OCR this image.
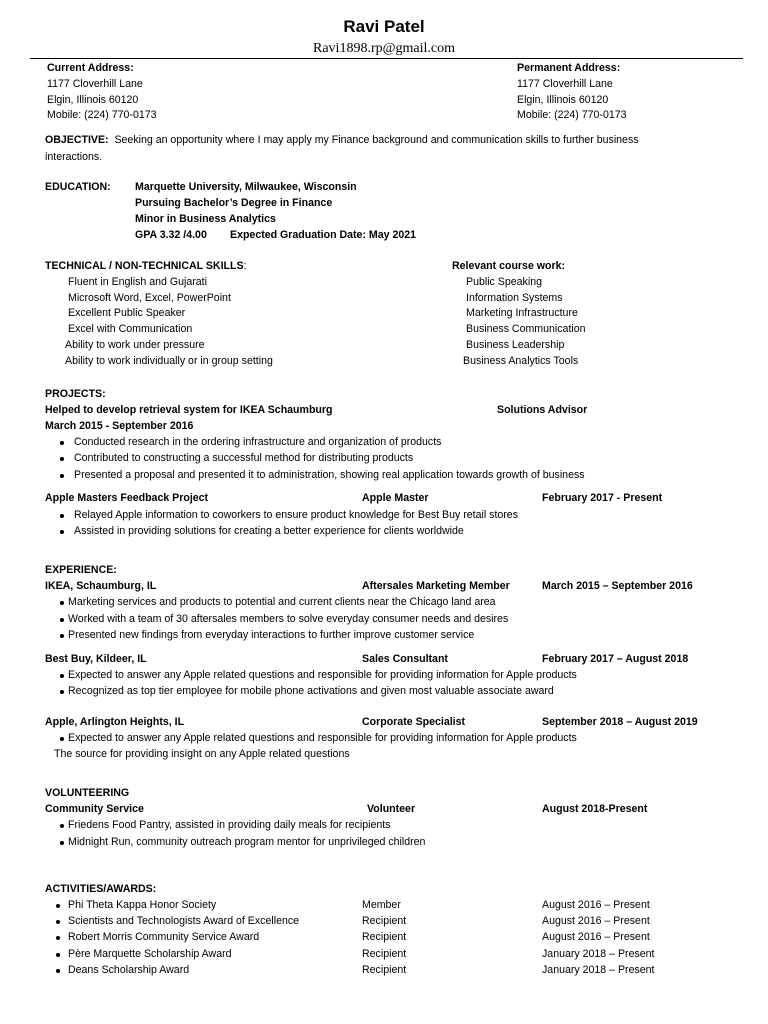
Ravi Patel
Ravi1898.rp@gmail.com
Current Address:
1177 Cloverhill Lane
Elgin, Illinois 60120
Mobile: (224) 770-0173
Permanent Address:
1177 Cloverhill Lane
Elgin, Illinois 60120
Mobile: (224) 770-0173
OBJECTIVE: Seeking an opportunity where I may apply my Finance background and communication skills to further business
interactions.
EDUCATION: Marquette University, Milwaukee, Wisconsin
Pursuing Bachelor’s Degree in Finance
Minor in Business Analytics
GPA 3.32 /4.00 Expected Graduation Date: May 2021
TECHNICAL / NON-TECHNICAL SKILLS:
Fluent in English and Gujarati
Microsoft Word, Excel, PowerPoint
Excellent Public Speaker
Excel with Communication
Ability to work under pressure
Ability to work individually or in group setting
Relevant course work:
Public Speaking
Information Systems
Marketing Infrastructure
Business Communication
Business Leadership
Business Analytics Tools
PROJECTS:
Helped to develop retrieval system for IKEA Schaumburg	Solutions Advisor
March 2015 - September 2016
Conducted research in the ordering infrastructure and organization of products
Contributed to constructing a successful method for distributing products
Presented a proposal and presented it to administration, showing real application towards growth of business
Apple Masters Feedback Project	Apple Master	February 2017 - Present
Relayed Apple information to coworkers to ensure product knowledge for Best Buy retail stores
Assisted in providing solutions for creating a better experience for clients worldwide
EXPERIENCE:
IKEA, Schaumburg, IL	Aftersales Marketing Member	March 2015 – September 2016
Marketing services and products to potential and current clients near the Chicago land area
Worked with a team of 30 aftersales members to solve everyday consumer needs and desires
Presented new findings from everyday interactions to further improve customer service
Best Buy, Kildeer, IL	Sales Consultant	February 2017 – August 2018
Expected to answer any Apple related questions and responsible for providing information for Apple products
Recognized as top tier employee for mobile phone activations and given most valuable associate award
Apple, Arlington Heights, IL	Corporate Specialist	September 2018 – August 2019
Expected to answer any Apple related questions and responsible for providing information for Apple products
The source for providing insight on any Apple related questions
VOLUNTEERING
Community Service	Volunteer	August 2018-Present
Friedens Food Pantry, assisted in providing daily meals for recipients
Midnight Run, community outreach program mentor for unprivileged children
ACTIVITIES/AWARDS:
Phi Theta Kappa Honor Society	Member	August 2016 – Present
Scientists and Technologists Award of Excellence	Recipient	August 2016 – Present
Robert Morris Community Service Award	Recipient	August 2016 – Present
Père Marquette Scholarship Award	Recipient	January 2018 – Present
Deans Scholarship Award	Recipient	January 2018 – Present
